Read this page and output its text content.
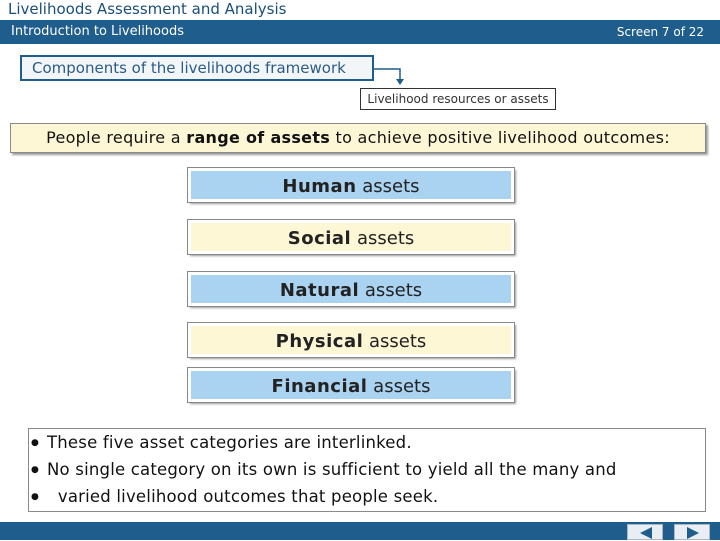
Livelihoods Assessment and Analysis
Introduction to Livelihoods	Screen 7 of 22
Components of the livelihoods framework
Livelihood resources or assets
People require a range of assets to achieve positive livelihood outcomes:
Human assets
Social assets
Natural assets
Physical assets
Financial assets
● These five asset categories are interlinked.
● No single category on its own is sufficient to yield all the many and
● varied livelihood outcomes that people seek.
